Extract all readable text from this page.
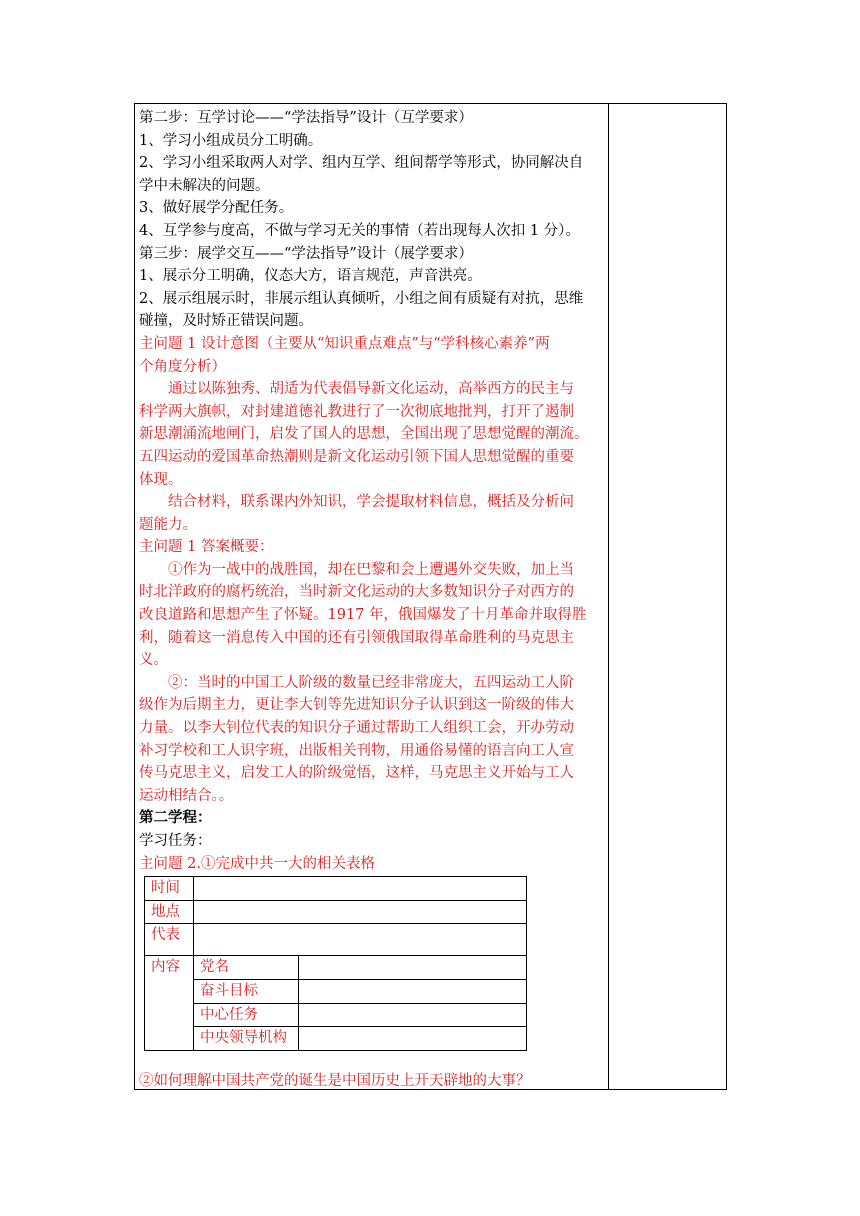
第二步：互学讨论——“学法指导”设计（互学要求）
1、学习小组成员分工明确。
2、学习小组采取两人对学、组内互学、组间帮学等形式，协同解决自
学中未解决的问题。
3、做好展学分配任务。
4、互学参与度高，不做与学习无关的事情（若出现每人次扣 1 分）。
第三步：展学交互——“学法指导”设计（展学要求）
1、展示分工明确，仪态大方，语言规范，声音洪亮。
2、展示组展示时，非展示组认真倾听，小组之间有质疑有对抗，思维
碰撞，及时矫正错误问题。
主问题 1 设计意图（主要从“知识重点难点”与“学科核心素养”两
个角度分析）
通过以陈独秀、胡适为代表倡导新文化运动，高举西方的民主与
科学两大旗帜，对封建道德礼教进行了一次彻底地批判，打开了遏制
新思潮涌流地闸门，启发了国人的思想，全国出现了思想觉醒的潮流。
五四运动的爱国革命热潮则是新文化运动引领下国人思想觉醒的重要
体现。
结合材料，联系课内外知识，学会提取材料信息，概括及分析问
题能力。
主问题 1 答案概要：
①作为一战中的战胜国，却在巴黎和会上遭遇外交失败，加上当
时北洋政府的腐朽统治，当时新文化运动的大多数知识分子对西方的
改良道路和思想产生了怀疑。1917 年，俄国爆发了十月革命并取得胜
利，随着这一消息传入中国的还有引领俄国取得革命胜利的马克思主
义。
②：当时的中国工人阶级的数量已经非常庞大，五四运动工人阶
级作为后期主力，更让李大钊等先进知识分子认识到这一阶级的伟大
力量。以李大钊位代表的知识分子通过帮助工人组织工会，开办劳动
补习学校和工人识字班，出版相关刊物，用通俗易懂的语言向工人宣
传马克思主义，启发工人的阶级觉悟，这样，马克思主义开始与工人
运动相结合。。
第二学程：
学习任务：
主问题 2.①完成中共一大的相关表格
时间		
地点		
代表		
内容	党名	
	奋斗目标	
	中心任务	
	中央领导机构	
②如何理解中国共产党的诞生是中国历史上开天辟地的大事？
